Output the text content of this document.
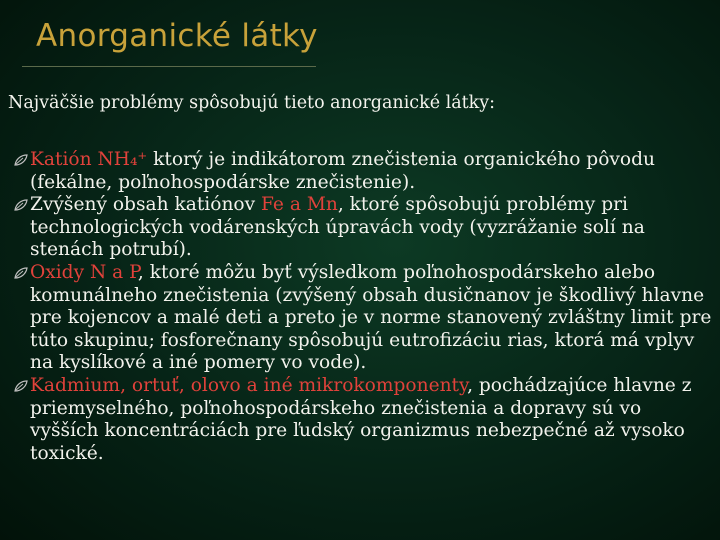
Anorganické látky
Najväčšie problémy spôsobujú tieto anorganické látky:
Katión NH₄⁺ ktorý je indikátorom znečistenia organického pôvodu (fekálne, poľnohospodárske znečistenie).
Zvýšený obsah katiónov Fe a Mn, ktoré spôsobujú problémy pri technologických vodárenských úpravách vody (vyzrážanie solí na stenách potrubí).
Oxidy N a P, ktoré môžu byť výsledkom poľnohospodárskeho alebo komunálneho znečistenia (zvýšený obsah dusičnanov je škodlivý hlavne pre kojencov a malé deti a preto je v norme stanovený zvláštny limit pre túto skupinu; fosforečnany spôsobujú eutrofizáciu rias, ktorá má vplyv na kyslíkové a iné pomery vo vode).
Kadmium, ortuť, olovo a iné mikrokomponenty, pochádzajúce hlavne z priemyselného, poľnohospodárskeho znečistenia a dopravy sú vo vyšších koncentráciách pre ľudský organizmus nebezpečné až vysoko toxické.
